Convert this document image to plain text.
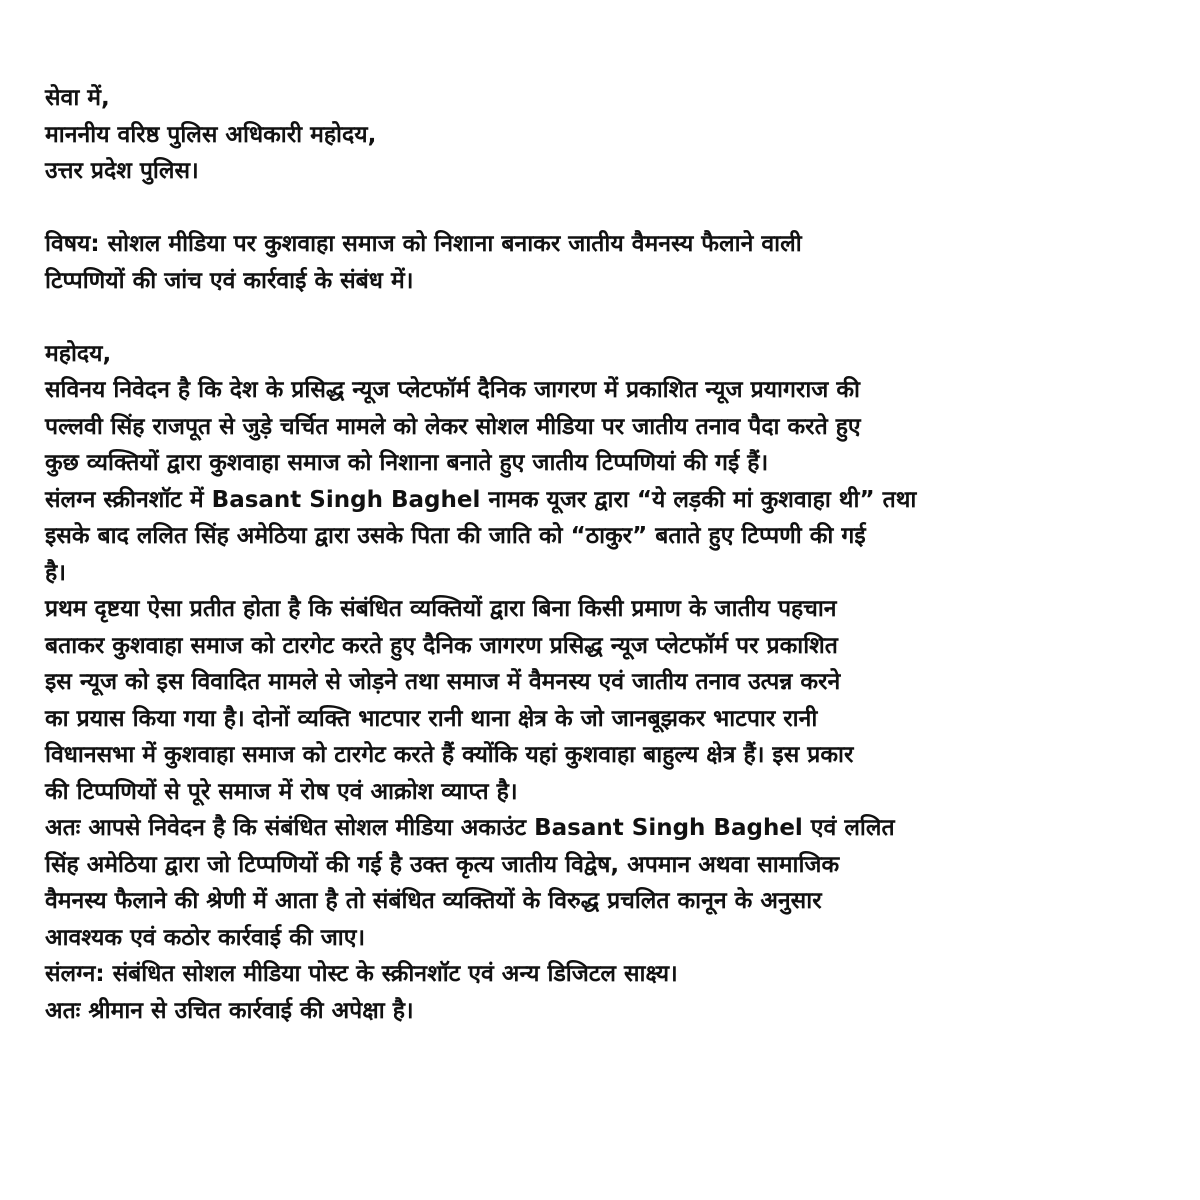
सेवा में,
माननीय वरिष्ठ पुलिस अधिकारी महोदय,
उत्तर प्रदेश पुलिस।
विषय: सोशल मीडिया पर कुशवाहा समाज को निशाना बनाकर जातीय वैमनस्य फैलाने वाली
टिप्पणियों की जांच एवं कार्रवाई के संबंध में।
महोदय,
सविनय निवेदन है कि देश के प्रसिद्ध न्यूज प्लेटफॉर्म दैनिक जागरण में प्रकाशित न्यूज प्रयागराज की
पल्लवी सिंह राजपूत से जुड़े चर्चित मामले को लेकर सोशल मीडिया पर जातीय तनाव पैदा करते हुए
कुछ व्यक्तियों द्वारा कुशवाहा समाज को निशाना बनाते हुए जातीय टिप्पणियां की गई हैं।
संलग्न स्क्रीनशॉट में Basant Singh Baghel नामक यूजर द्वारा “ये लड़की मां कुशवाहा थी” तथा
इसके बाद ललित सिंह अमेठिया द्वारा उसके पिता की जाति को “ठाकुर” बताते हुए टिप्पणी की गई
है।
प्रथम दृष्टया ऐसा प्रतीत होता है कि संबंधित व्यक्तियों द्वारा बिना किसी प्रमाण के जातीय पहचान
बताकर कुशवाहा समाज को टारगेट करते हुए दैनिक जागरण प्रसिद्ध न्यूज प्लेटफॉर्म पर प्रकाशित
इस न्यूज को इस विवादित मामले से जोड़ने तथा समाज में वैमनस्य एवं जातीय तनाव उत्पन्न करने
का प्रयास किया गया है। दोनों व्यक्ति भाटपार रानी थाना क्षेत्र के जो जानबूझकर भाटपार रानी
विधानसभा में कुशवाहा समाज को टारगेट करते हैं क्योंकि यहां कुशवाहा बाहुल्य क्षेत्र हैं। इस प्रकार
की टिप्पणियों से पूरे समाज में रोष एवं आक्रोश व्याप्त है।
अतः आपसे निवेदन है कि संबंधित सोशल मीडिया अकाउंट Basant Singh Baghel एवं ललित
सिंह अमेठिया द्वारा जो टिप्पणियों की गई है उक्त कृत्य जातीय विद्वेष, अपमान अथवा सामाजिक
वैमनस्य फैलाने की श्रेणी में आता है तो संबंधित व्यक्तियों के विरुद्ध प्रचलित कानून के अनुसार
आवश्यक एवं कठोर कार्रवाई की जाए।
संलग्न: संबंधित सोशल मीडिया पोस्ट के स्क्रीनशॉट एवं अन्य डिजिटल साक्ष्य।
अतः श्रीमान से उचित कार्रवाई की अपेक्षा है।
